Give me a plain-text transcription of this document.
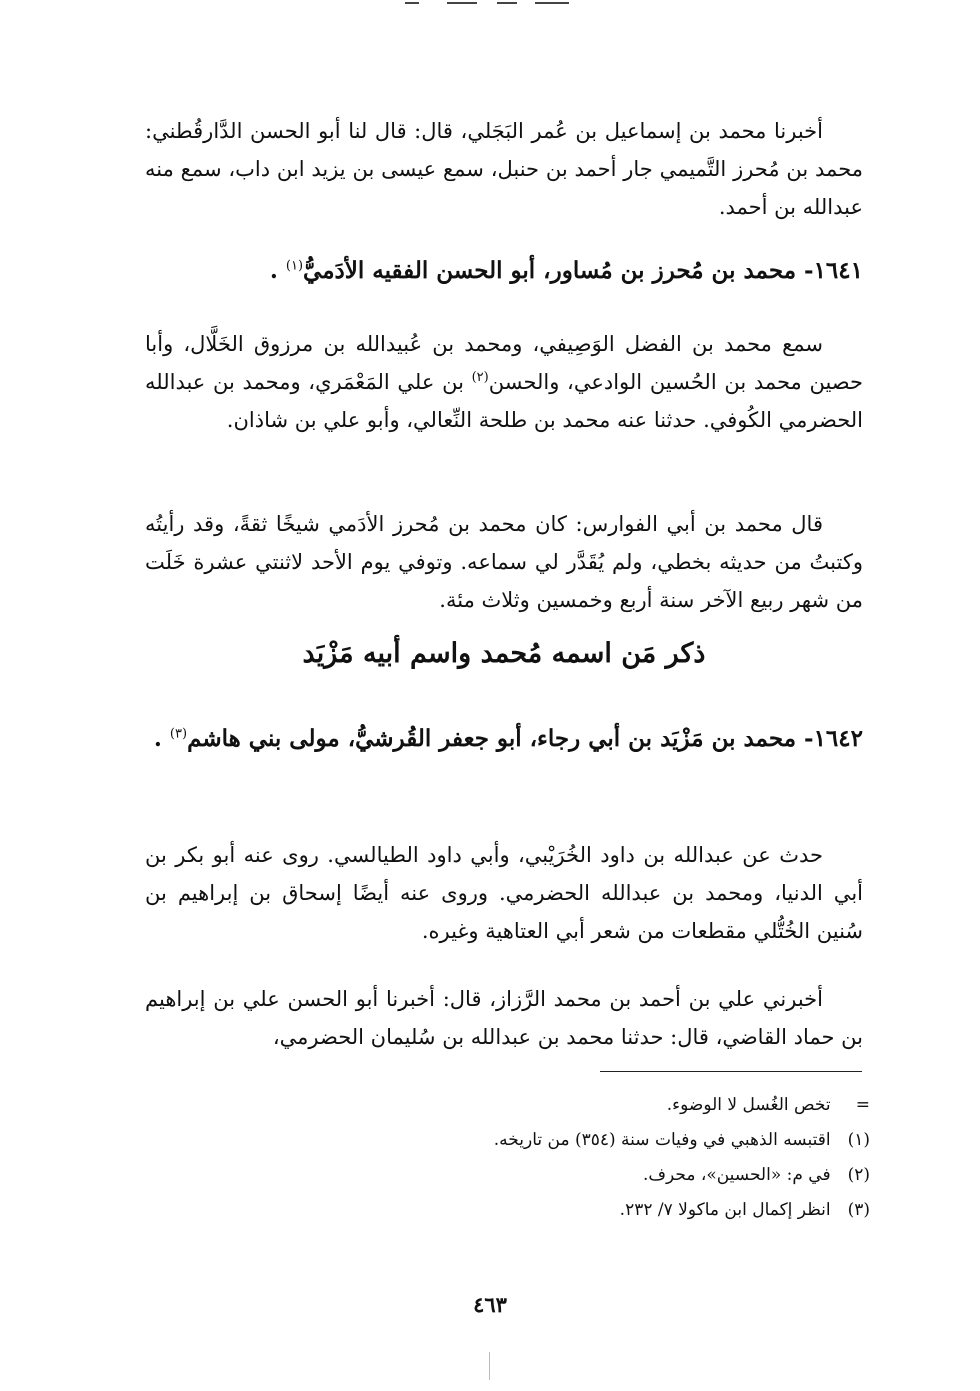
أخبرنا محمد بن إسماعيل بن عُمر البَجَلي، قال: قال لنا أبو الحسن الدَّارقُطني: محمد بن مُحرز التَّميمي جار أحمد بن حنبل، سمع عيسى بن يزيد ابن داب، سمع منه عبدالله بن أحمد.
١٦٤١- محمد بن مُحرز بن مُساور، أبو الحسن الفقيه الأدَميُّ$^{(١)}$ .
سمع محمد بن الفضل الوَصِيفي، ومحمد بن عُبيدالله بن مرزوق الخَلَّال، وأبا حصين محمد بن الحُسين الوادعي، والحسن$^{(٢)}$ بن علي المَعْمَري، ومحمد بن عبدالله الحضرمي الكُوفي. حدثنا عنه محمد بن طلحة النِّعالي، وأبو علي بن شاذان.
قال محمد بن أبي الفوارس: كان محمد بن مُحرز الأدَمي شيخًا ثقةً، وقد رأيتُه وكتبتُ من حديثه بخطي، ولم يُقَدَّر لي سماعه. وتوفي يوم الأحد لاثنتي عشرة خَلَت من شهر ربيع الآخر سنة أربع وخمسين وثلاث مئة.
ذكر مَن اسمه مُحمد واسم أبيه مَزْيَد
١٦٤٢- محمد بن مَزْيَد بن أبي رجاء، أبو جعفر القُرشيُّ، مولى بني هاشم$^{(٣)}$ .
حدث عن عبدالله بن داود الخُرَيْبي، وأبي داود الطيالسي. روى عنه أبو بكر بن أبي الدنيا، ومحمد بن عبدالله الحضرمي. وروى عنه أيضًا إسحاق بن إبراهيم بن سُنين الخُتُّلي مقطعات من شعر أبي العتاهية وغيره.
أخبرني علي بن أحمد بن محمد الرَّزاز، قال: أخبرنا أبو الحسن علي بن إبراهيم بن حماد القاضي، قال: حدثنا محمد بن عبدالله بن سُليمان الحضرمي،
= تخص الغُسل لا الوضوء.
(١) اقتبسه الذهبي في وفيات سنة (٣٥٤) من تاريخه.
(٢) في م: «الحسين»، محرف.
(٣) انظر إكمال ابن ماكولا ٧/ ٢٣٢.
٤٦٣
